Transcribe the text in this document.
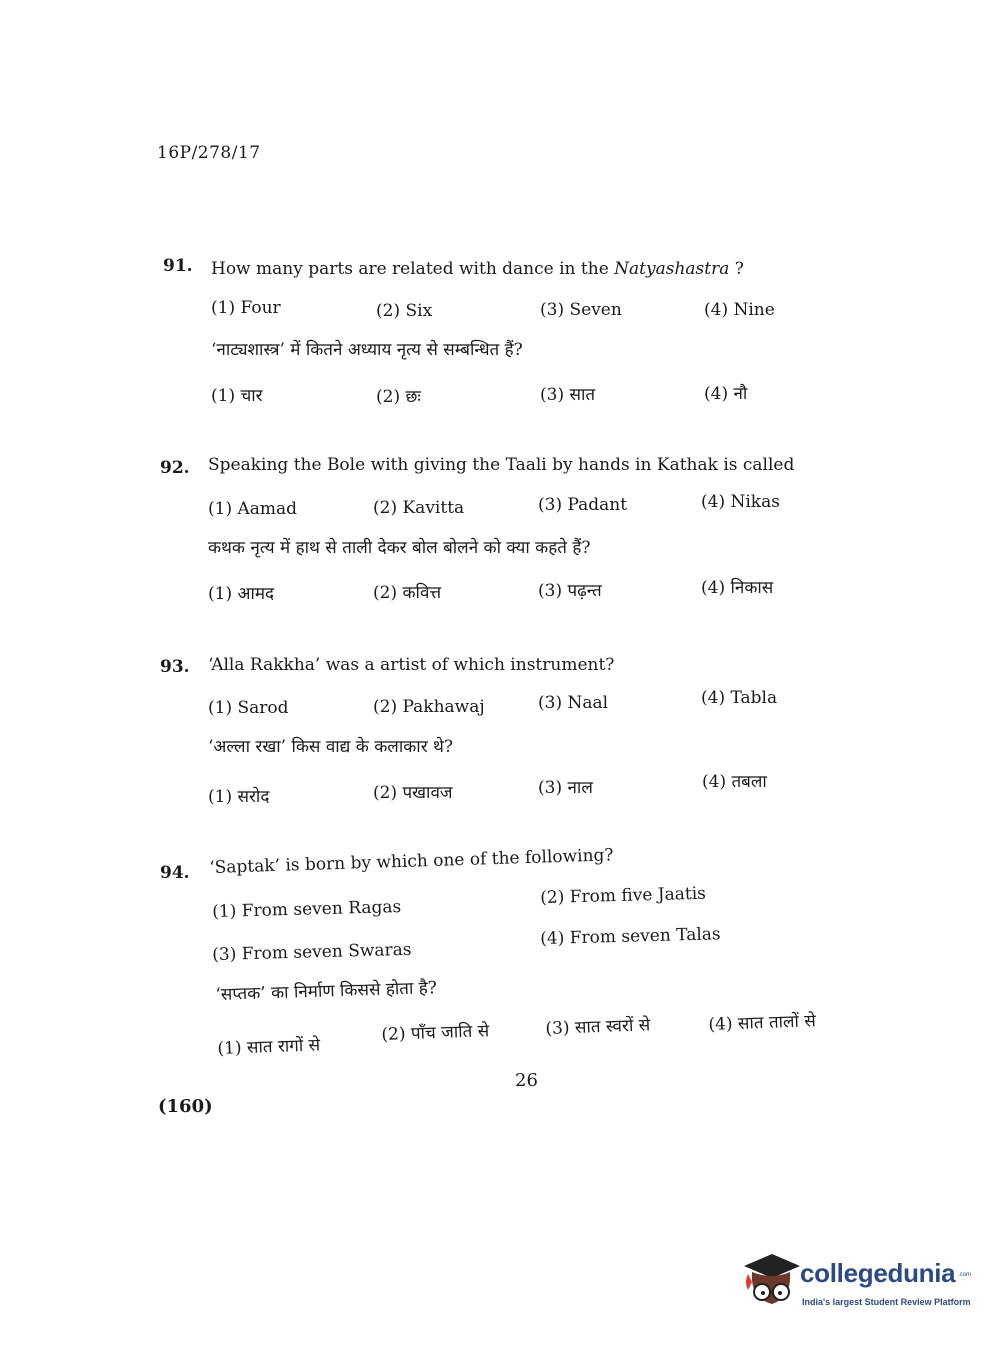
16P/278/17
91. How many parts are related with dance in the Natyashastra ?
(1) Four	(2) Six	(3) Seven	(4) Nine
‘नाट्यशास्त्र’ में कितने अध्याय नृत्य से सम्बन्धित हैं?
(1) चार	(2) छः	(3) सात	(4) नौ
92. Speaking the Bole with giving the Taali by hands in Kathak is called
(1) Aamad	(2) Kavitta	(3) Padant	(4) Nikas
कथक नृत्य में हाथ से ताली देकर बोल बोलने को क्या कहते हैं?
(1) आमद	(2) कवित्त	(3) पढ़न्त	(4) निकास
93. ‘Alla Rakkha’ was a artist of which instrument?
(1) Sarod	(2) Pakhawaj	(3) Naal	(4) Tabla
‘अल्ला रखा’ किस वाद्य के कलाकार थे?
(1) सरोद	(2) पखावज	(3) नाल	(4) तबला
94. ‘Saptak’ is born by which one of the following?
(1) From seven Ragas
(2) From five Jaatis
(3) From seven Swaras
(4) From seven Talas
‘सप्तक’ का निर्माण किससे होता है?
(1) सात रागों से
(2) पाँच जाति से	(3) सात स्वरों से	(4) सात तालों से
26
(160)
collegedunia .com
India's largest Student Review Platform
